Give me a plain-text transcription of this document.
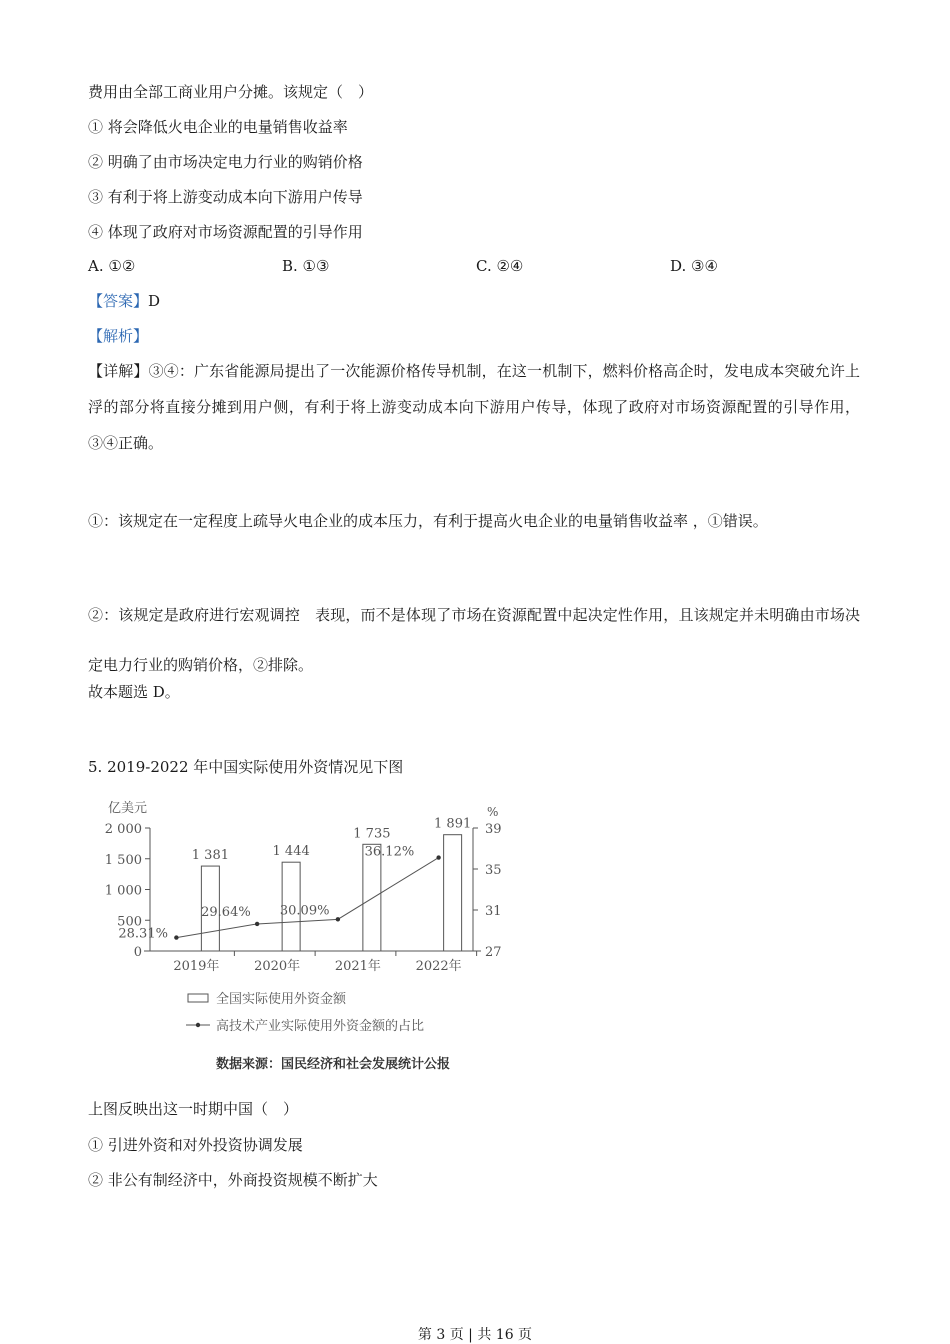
费用由全部工商业用户分摊。该规定（　）
① 将会降低火电企业的电量销售收益率
② 明确了由市场决定电力行业的购销价格
③ 有利于将上游变动成本向下游用户传导
④ 体现了政府对市场资源配置的引导作用
A. ①②	B. ①③	C. ②④	D. ③④
【答案】D
【解析】
【详解】③④：广东省能源局提出了一次能源价格传导机制，在这一机制下，燃料价格高企时，发电成本突破允许上浮的部分将直接分摊到用户侧，有利于将上游变动成本向下游用户传导，体现了政府对市场资源配置的引导作用，③④正确。
①：该规定在一定程度上疏导火电企业的成本压力，有利于提高火电企业的电量销售收益率 ，①错误。
②：该规定是政府进行宏观调控　表现，而不是体现了市场在资源配置中起决定性作用，且该规定并未明确由市场决定电力行业的购销价格，②排除。
故本题选 D。
5. 2019-2022 年中国实际使用外资情况见下图
亿美元	%
0
500
1 000
1 500
2 000
27
31
35
39
1 381	1 444
1 735
1 891
2019年	2020年	2021年	2022年
28.31%
29.64% 30.09%
36.12%
全国实际使用外资金额
高技术产业实际使用外资金额的占比
数据来源：国民经济和社会发展统计公报
上图反映出这一时期中国（　）
① 引进外资和对外投资协调发展
② 非公有制经济中，外商投资规模不断扩大
第 3 页 | 共 16 页
